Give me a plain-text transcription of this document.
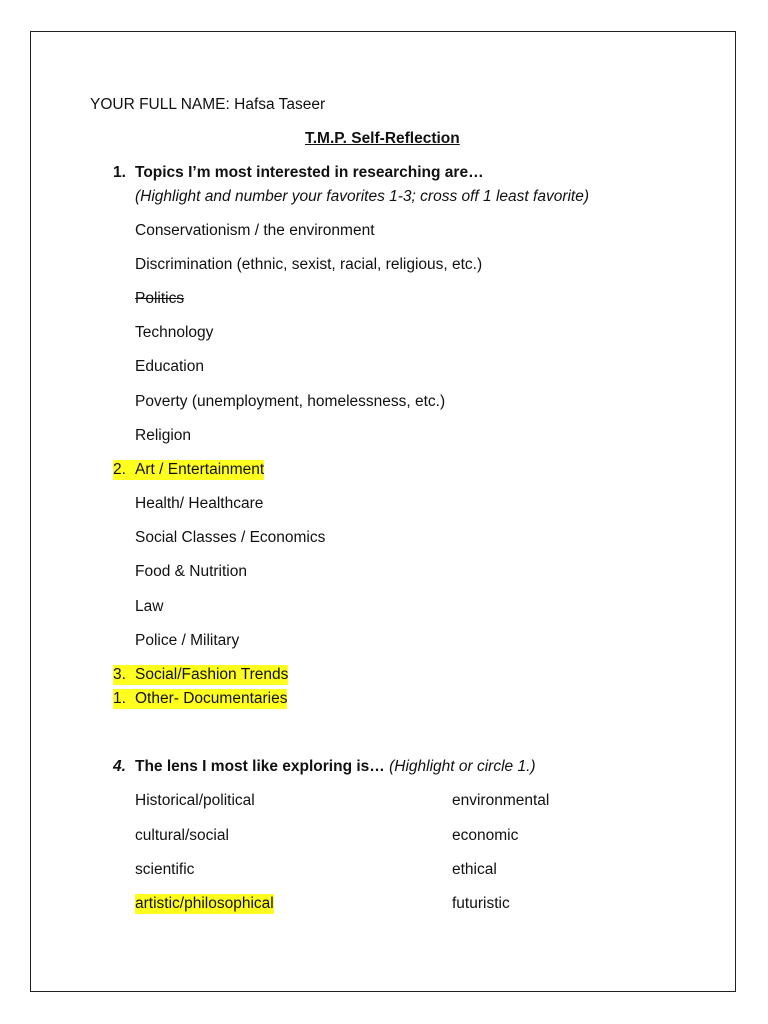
YOUR FULL NAME: Hafsa Taseer
T.M.P. Self-Reflection
1. Topics I’m most interested in researching are…
(Highlight and number your favorites 1-3; cross off 1 least favorite)
Conservationism / the environment
Discrimination (ethnic, sexist, racial, religious, etc.)
Politics
Technology
Education
Poverty (unemployment, homelessness, etc.)
Religion
2. Art / Entertainment
Health/ Healthcare
Social Classes / Economics
Food & Nutrition
Law
Police / Military
3. Social/Fashion Trends
1. Other- Documentaries
4. The lens I most like exploring is… (Highlight or circle 1.)
Historical/political	environmental
cultural/social	economic
scientific	ethical
artistic/philosophical	futuristic
